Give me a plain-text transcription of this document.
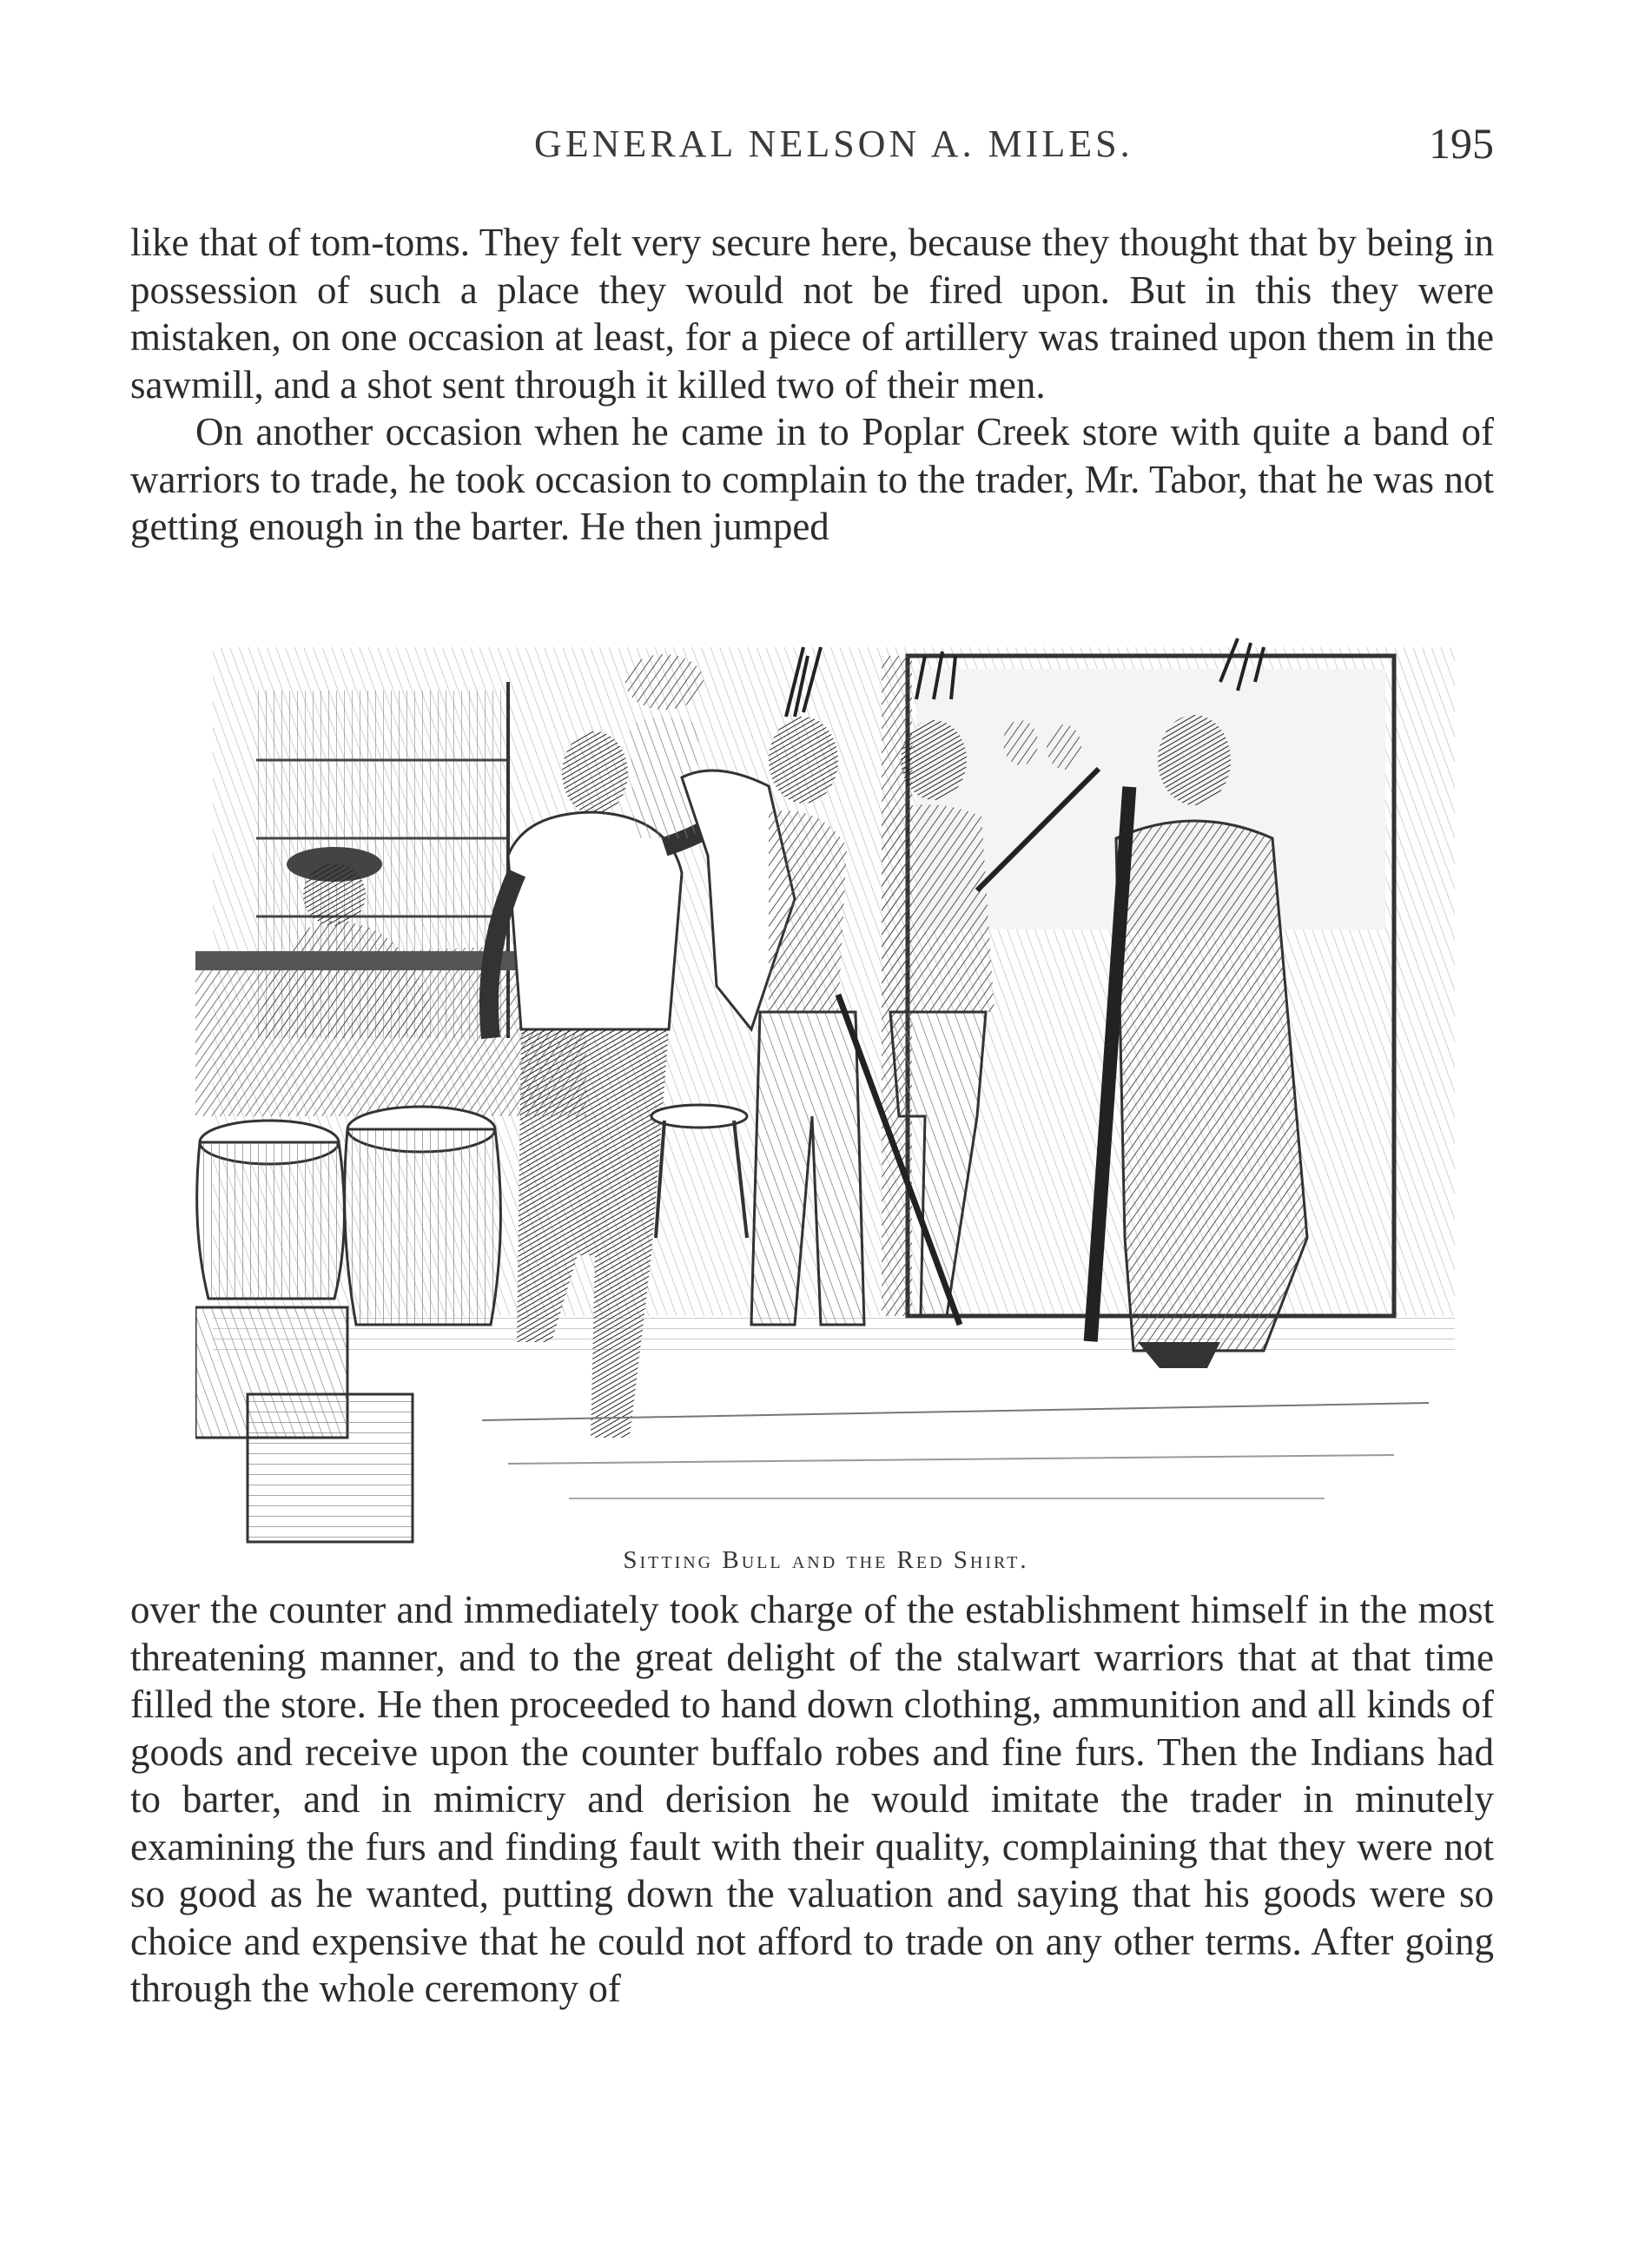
GENERAL NELSON A. MILES.	195

like that of tom-toms. They felt very secure here, because they thought that by being in possession of such a place they would not be fired upon. But in this they were mistaken, on one occasion at least, for a piece of artillery was trained upon them in the sawmill, and a shot sent through it killed two of their men.

On another occasion when he came in to Poplar Creek store with quite a band of warriors to trade, he took occasion to complain to the trader, Mr. Tabor, that he was not getting enough in the barter. He then jumped

Sitting Bull and the Red Shirt.

over the counter and immediately took charge of the establishment himself in the most threatening manner, and to the great delight of the stalwart warriors that at that time filled the store. He then proceeded to hand down clothing, ammunition and all kinds of goods and receive upon the counter buffalo robes and fine furs. Then the Indians had to barter, and in mimicry and derision he would imitate the trader in minutely examining the furs and finding fault with their quality, complaining that they were not so good as he wanted, putting down the valuation and saying that his goods were so choice and expensive that he could not afford to trade on any other terms. After going through the whole ceremony of
